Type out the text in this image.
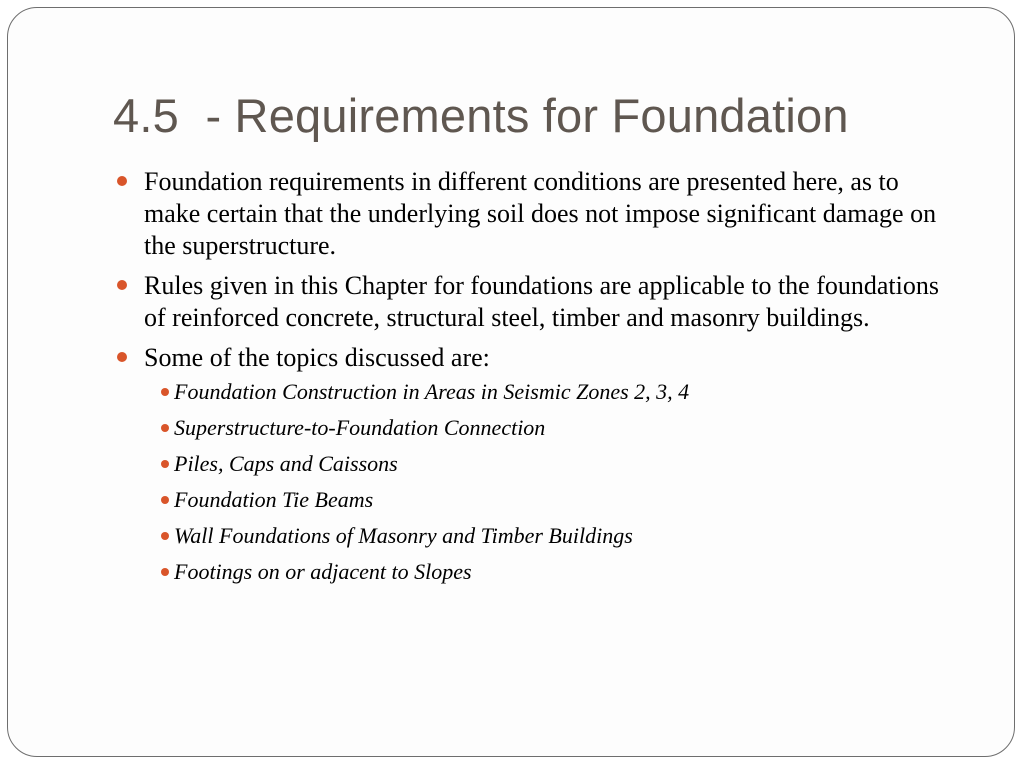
4.5  - Requirements for Foundation
Foundation requirements in different conditions are presented here, as to make certain that the underlying soil does not impose significant damage on the superstructure.
Rules given in this Chapter for foundations are applicable to the foundations of reinforced concrete, structural steel, timber and masonry buildings.
Some of the topics discussed are:
Foundation Construction in Areas in Seismic Zones 2, 3, 4
Superstructure-to-Foundation Connection
Piles, Caps and Caissons
Foundation Tie Beams
Wall Foundations of Masonry and Timber Buildings
Footings on or adjacent to Slopes
